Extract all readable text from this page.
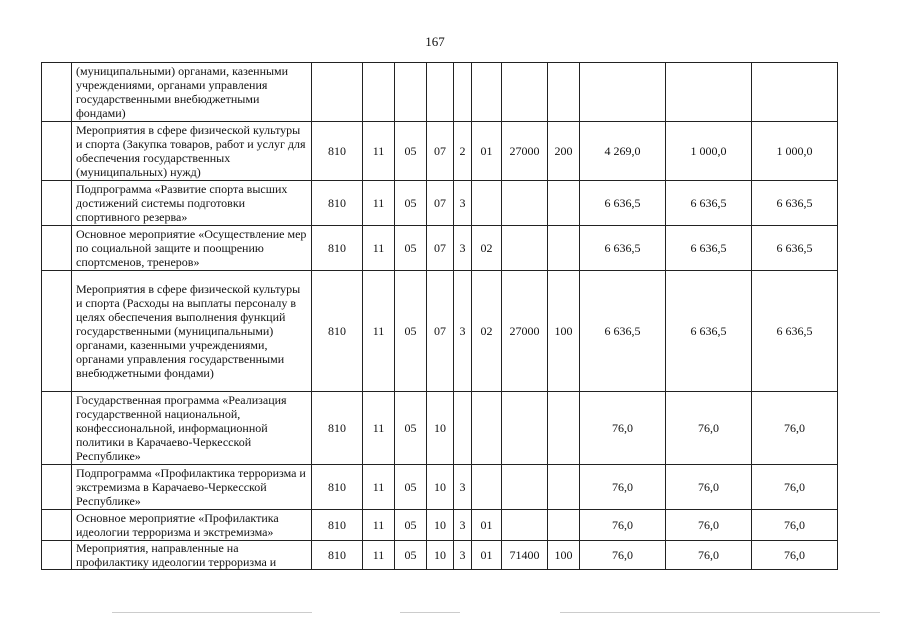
167
	(муниципальными) органами, казенными учреждениями, органами управления государственными внебюджетными фондами)											
	Мероприятия в сфере физической культуры и спорта (Закупка товаров, работ и услуг для обеспечения государственных (муниципальных) нужд)	810	11	05	07	2	01	27000	200	4 269,0	1 000,0	1 000,0
	Подпрограмма «Развитие спорта высших достижений системы подготовки спортивного резерва»	810	11	05	07	3				6 636,5	6 636,5	6 636,5
	Основное мероприятие «Осуществление мер по социальной защите и поощрению спортсменов, тренеров»	810	11	05	07	3	02			6 636,5	6 636,5	6 636,5
	Мероприятия в сфере физической культуры и спорта (Расходы на выплаты персоналу в целях обеспечения выполнения функций государственными (муниципальными) органами, казенными учреждениями, органами управления государственными внебюджетными фондами)	810	11	05	07	3	02	27000	100	6 636,5	6 636,5	6 636,5
	Государственная программа «Реализация государственной национальной, конфессиональной, информационной политики в Карачаево-Черкесской Республике»	810	11	05	10					76,0	76,0	76,0
	Подпрограмма «Профилактика терроризма и экстремизма в Карачаево-Черкесской Республике»	810	11	05	10	3				76,0	76,0	76,0
	Основное мероприятие «Профилактика идеологии терроризма и экстремизма»	810	11	05	10	3	01			76,0	76,0	76,0
	Мероприятия, направленные на профилактику идеологии терроризма и	810	11	05	10	3	01	71400	100	76,0	76,0	76,0
